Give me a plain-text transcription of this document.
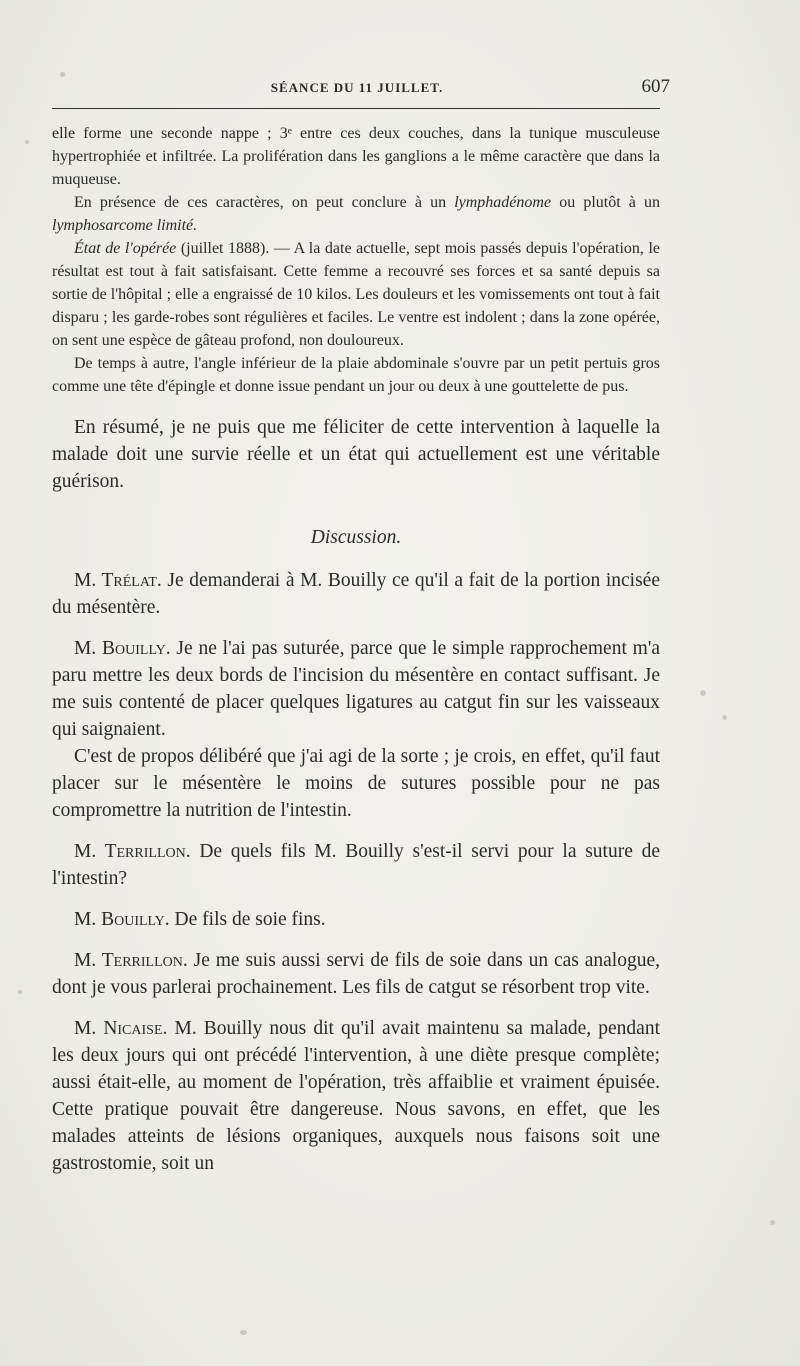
SÉANCE DU 11 JUILLET.	607

elle forme une seconde nappe ; 3ᵉ entre ces deux couches, dans la tunique musculeuse hypertrophiée et infiltrée. La prolifération dans les ganglions a le même caractère que dans la muqueuse.

En présence de ces caractères, on peut conclure à un lymphadénome ou plutôt à un lymphosarcome limité.

État de l'opérée (juillet 1888). — A la date actuelle, sept mois passés depuis l'opération, le résultat est tout à fait satisfaisant. Cette femme a recouvré ses forces et sa santé depuis sa sortie de l'hôpital ; elle a engraissé de 10 kilos. Les douleurs et les vomissements ont tout à fait disparu ; les garde-robes sont régulières et faciles. Le ventre est indolent ; dans la zone opérée, on sent une espèce de gâteau profond, non douloureux.

De temps à autre, l'angle inférieur de la plaie abdominale s'ouvre par un petit pertuis gros comme une tête d'épingle et donne issue pendant un jour ou deux à une gouttelette de pus.

En résumé, je ne puis que me féliciter de cette intervention à laquelle la malade doit une survie réelle et un état qui actuellement est une véritable guérison.

Discussion.

M. Trélat. Je demanderai à M. Bouilly ce qu'il a fait de la portion incisée du mésentère.

M. Bouilly. Je ne l'ai pas suturée, parce que le simple rapprochement m'a paru mettre les deux bords de l'incision du mésentère en contact suffisant. Je me suis contenté de placer quelques ligatures au catgut fin sur les vaisseaux qui saignaient.

C'est de propos délibéré que j'ai agi de la sorte ; je crois, en effet, qu'il faut placer sur le mésentère le moins de sutures possible pour ne pas compromettre la nutrition de l'intestin.

M. Terrillon. De quels fils M. Bouilly s'est-il servi pour la suture de l'intestin?

M. Bouilly. De fils de soie fins.

M. Terrillon. Je me suis aussi servi de fils de soie dans un cas analogue, dont je vous parlerai prochainement. Les fils de catgut se résorbent trop vite.

M. Nicaise. M. Bouilly nous dit qu'il avait maintenu sa malade, pendant les deux jours qui ont précédé l'intervention, à une diète presque complète; aussi était-elle, au moment de l'opération, très affaiblie et vraiment épuisée. Cette pratique pouvait être dangereuse. Nous savons, en effet, que les malades atteints de lésions organiques, auxquels nous faisons soit une gastrostomie, soit un
